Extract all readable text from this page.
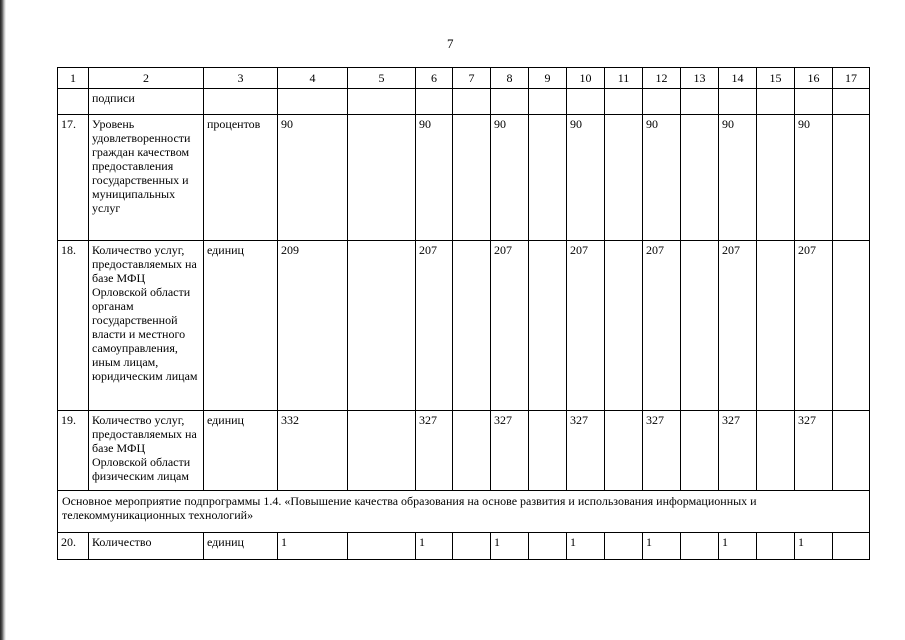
7
1	2	3	4	5	6	7	8	9	10	11	12	13	14	15	16	17
	подписи															
17.	Уровень удовлетворенности граждан качеством предоставления государственных и муниципальных услуг	процентов	90		90		90		90		90		90		90	
18.	Количество услуг, предоставляемых на базе МФЦ Орловской области органам государственной власти и местного самоуправления, иным лицам, юридическим лицам	единиц	209		207		207		207		207		207		207	
19.	Количество услуг, предоставляемых на базе МФЦ Орловской области физическим лицам	единиц	332		327		327		327		327		327		327	
Основное мероприятие подпрограммы 1.4. «Повышение качества образования на основе развития и использования информационных и телекоммуникационных технологий»																
20.	Количество	единиц	1		1		1		1		1		1		1	
